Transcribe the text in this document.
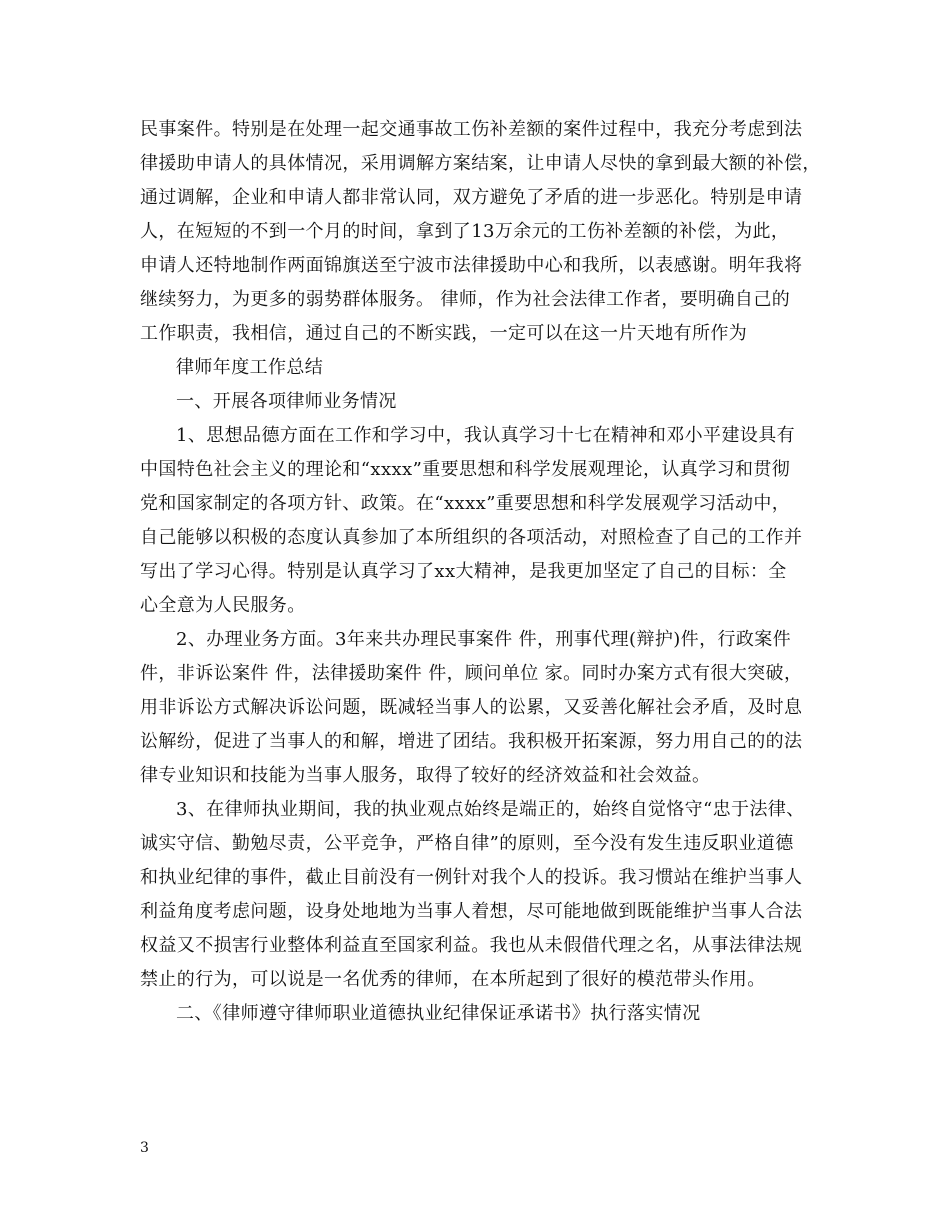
民事案件。特别是在处理一起交通事故工伤补差额的案件过程中，我充分考虑到法
律援助申请人的具体情况，采用调解方案结案，让申请人尽快的拿到最大额的补偿，
通过调解，企业和申请人都非常认同，双方避免了矛盾的进一步恶化。特别是申请
人，在短短的不到一个月的时间，拿到了13万余元的工伤补差额的补偿，为此，
申请人还特地制作两面锦旗送至宁波市法律援助中心和我所，以表感谢。明年我将
继续努力，为更多的弱势群体服务。 律师，作为社会法律工作者，要明确自己的
工作职责，我相信，通过自己的不断实践，一定可以在这一片天地有所作为
律师年度工作总结
一、开展各项律师业务情况
1、思想品德方面在工作和学习中，我认真学习十七在精神和邓小平建设具有
中国特色社会主义的理论和“xxxx”重要思想和科学发展观理论，认真学习和贯彻
党和国家制定的各项方针、政策。在“xxxx”重要思想和科学发展观学习活动中，
自己能够以积极的态度认真参加了本所组织的各项活动，对照检查了自己的工作并
写出了学习心得。特别是认真学习了xx大精神，是我更加坚定了自己的目标：全
心全意为人民服务。
2、办理业务方面。3年来共办理民事案件 件，刑事代理(辩护)件，行政案件
件，非诉讼案件 件，法律援助案件 件，顾问单位 家。同时办案方式有很大突破，
用非诉讼方式解决诉讼问题，既减轻当事人的讼累，又妥善化解社会矛盾，及时息
讼解纷，促进了当事人的和解，增进了团结。我积极开拓案源，努力用自己的的法
律专业知识和技能为当事人服务，取得了较好的经济效益和社会效益。
3、在律师执业期间，我的执业观点始终是端正的，始终自觉恪守“忠于法律、
诚实守信、勤勉尽责，公平竞争，严格自律”的原则，至今没有发生违反职业道德
和执业纪律的事件，截止目前没有一例针对我个人的投诉。我习惯站在维护当事人
利益角度考虑问题，设身处地地为当事人着想，尽可能地做到既能维护当事人合法
权益又不损害行业整体利益直至国家利益。我也从未假借代理之名，从事法律法规
禁止的行为，可以说是一名优秀的律师，在本所起到了很好的模范带头作用。
二、《律师遵守律师职业道德执业纪律保证承诺书》执行落实情况
3
